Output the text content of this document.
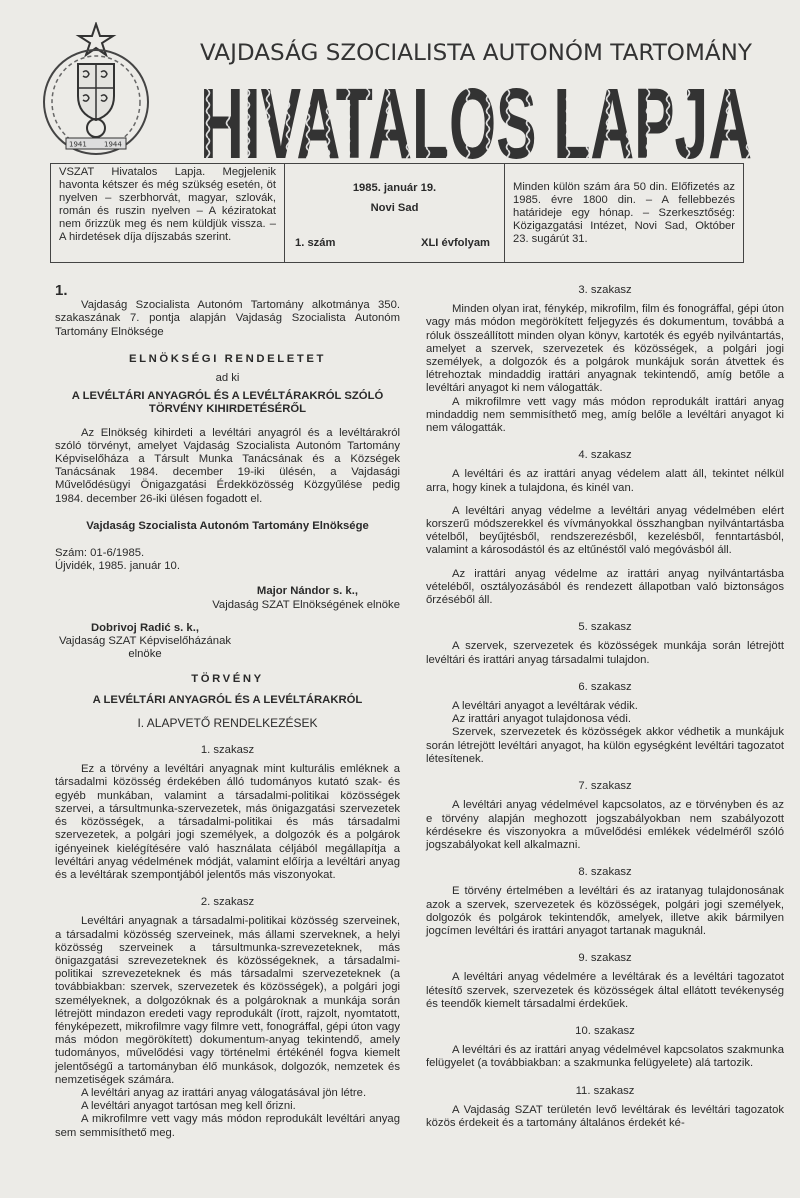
1941 1944
VAJDASÁG SZOCIALISTA AUTONÓM TARTOMÁNY
HIVATALOS LAPJA
VSZAT Hivatalos Lapja. Megjelenik havonta kétszer és még szükség esetén, öt nyelven – szerbhorvát, magyar, szlovák, román és ruszin nyelven – A kéziratokat nem őrizzük meg és nem küldjük vissza. – A hirdetések díja díjszabás szerint.
1985. január 19.
Novi Sad
1. szám	XLI évfolyam
Minden külön szám ára 50 din. Előfizetés az 1985. évre 1800 din. – A fellebbezés határideje egy hónap. – Szerkesztőség: Közigazgatási Intézet, Novi Sad, Október 23. sugárút 31.

1.

Vajdaság Szocialista Autonóm Tartomány alkotmánya 350. szakaszának 7. pontja alapján Vajdaság Szocialista Autonóm Tartomány Elnöksége

ELNÖKSÉGI RENDELETET

ad ki

A LEVÉLTÁRI ANYAGRÓL ÉS A LEVÉLTÁRAKRÓL SZÓLÓ TÖRVÉNY KIHIRDETÉSÉRŐL

Az Elnökség kihirdeti a levéltári anyagról és a levéltárakról szóló törvényt, amelyet Vajdaság Szocialista Autonóm Tartomány Képviselőháza a Társult Munka Tanácsának és a Községek Tanácsának 1984. december 19-iki ülésén, a Vajdasági Művelődésügyi Önigazgatási Érdekközösség Közgyűlése pedig 1984. december 26-iki ülésen fogadott el.

Vajdaság Szocialista Autonóm Tartomány Elnöksége

Szám: 01-6/1985.

Újvidék, 1985. január 10.

Major Nándor s. k.,

Vajdaság SZAT Elnökségének elnöke

Dobrivoj Radić s. k.,
Vajdaság SZAT Képviselőházának
elnöke

TÖRVÉNY

A LEVÉLTÁRI ANYAGRÓL ÉS A LEVÉLTÁRAKRÓL

I. ALAPVETŐ RENDELKEZÉSEK

1. szakasz

Ez a törvény a levéltári anyagnak mint kulturális emléknek a társadalmi közösség érdekében álló tudományos kutató szak- és egyéb munkában, valamint a társadalmi-politikai közösségek szervei, a társultmunka-szervezetek, más önigazgatási szervezetek és közösségek, a társadalmi-politikai és más társadalmi szervezetek, a polgári jogi személyek, a dolgozók és a polgárok igényeinek kielégítésére való használata céljából megállapítja a levéltári anyag védelmének módját, valamint előírja a levéltári anyag és a levéltárak szempontjából jelentős más viszonyokat.

2. szakasz

Levéltári anyagnak a társadalmi-politikai közösség szerveinek, a társadalmi közösség szerveinek, más állami szerveknek, a helyi közösség szerveinek a társultmunka-szrevezeteknek, más önigazgatási szrevezeteknek és közösségeknek, a társadalmi-politikai szrevezeteknek és más társadalmi szervezeteknek (a továbbiakban: szervek, szervezetek és közösségek), a polgári jogi személyeknek, a dolgozóknak és a polgároknak a munkája során létrejött mindazon eredeti vagy reprodukált (írott, rajzolt, nyomtatott, fényképezett, mikrofilmre vagy filmre vett, fonográffal, gépi úton vagy más módon megörökített) dokumentum-anyag tekintendő, amely tudományos, művelődési vagy történelmi értékénél fogva kiemelt jelentőségű a tartományban élő munkások, dolgozók, nemzetek és nemzetiségek számára.

A levéltári anyag az irattári anyag válogatásával jön létre.

A levéltári anyagot tartósan meg kell őrizni.

A mikrofilmre vett vagy más módon reprodukált levéltári anyag sem semmisíthető meg.

3. szakasz

Minden olyan irat, fénykép, mikrofilm, film és fonográffal, gépi úton vagy más módon megörökített feljegyzés és dokumentum, továbbá a róluk összeállított minden olyan könyv, kartoték és egyéb nyilvántartás, amelyet a szervek, szervezetek és közösségek, a polgári jogi személyek, a dolgozók és a polgárok munkájuk során átvettek és létrehoztak mindaddig irattári anyagnak tekintendő, amíg betőle a levéltári anyagot ki nem válogatták.

A mikrofilmre vett vagy más módon reprodukált irattári anyag mindaddig nem semmisíthető meg, amíg belőle a levéltári anyagot ki nem válogatták.

4. szakasz

A levéltári és az irattári anyag védelem alatt áll, tekintet nélkül arra, hogy kinek a tulajdona, és kinél van.

A levéltári anyag védelme a levéltári anyag védelmében elért korszerű módszerekkel és vívmányokkal összhangban nyilvántartásba vételből, beyűjtésből, rendszerezésből, kezelésből, fenntartásból, valamint a károsodástól és az eltűnéstől való megóvásból áll.

Az irattári anyag védelme az irattári anyag nyilvántartásba vételéből, osztályozásából és rendezett állapotban való biztonságos őrzéséből áll.

5. szakasz

A szervek, szervezetek és közösségek munkája során létrejött levéltári és irattári anyag társadalmi tulajdon.

6. szakasz

A levéltári anyagot a levéltárak védik.

Az irattári anyagot tulajdonosa védi.

Szervek, szervezetek és közösségek akkor védhetik a munkájuk során létrejött levéltári anyagot, ha külön egységként levéltári tagozatot létesítenek.

7. szakasz

A levéltári anyag védelmével kapcsolatos, az e törvényben és az e törvény alapján meghozott jogszabályokban nem szabályozott kérdésekre és viszonyokra a művelődési emlékek védelméről szóló jogszabályokat kell alkalmazni.

8. szakasz

E törvény értelmében a levéltári és az iratanyag tulajdonosának azok a szervek, szervezetek és közösségek, polgári jogi személyek, dolgozók és polgárok tekintendők, amelyek, illetve akik bármilyen jogcímen levéltári és irattári anyagot tartanak maguknál.

9. szakasz

A levéltári anyag védelmére a levéltárak és a levéltári tagozatot létesítő szervek, szervezetek és közösségek által ellátott tevékenység és teendők kiemelt társadalmi érdekűek.

10. szakasz

A levéltári és az irattári anyag védelmével kapcsolatos szakmunka felügyelet (a továbbiakban: a szakmunka felügyelete) alá tartozik.

11. szakasz

A Vajdaság SZAT területén levő levéltárak és levéltári tagozatok közös érdekeit és a tartomány általános érdekét ké-
